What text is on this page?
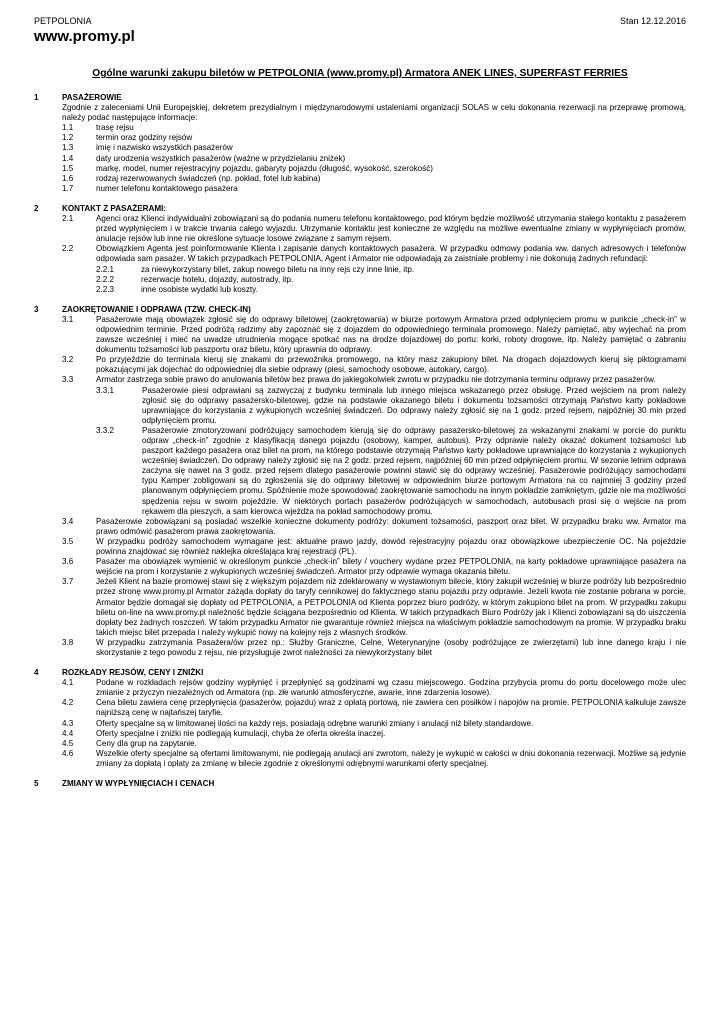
PETPOLONIA	Stan 12.12.2016
www.promy.pl
Ogólne warunki zakupu biletów w PETPOLONIA (www.promy.pl) Armatora ANEK LINES, SUPERFAST FERRIES
1	PASAŻEROWIE
Zgodnie z zaleceniami Unii Europejskiej, dekretem prezydialnym i międzynarodowymi ustaleniami organizacji SOLAS w celu dokonania rezerwacji na przeprawę promową, należy podać następujące informacje:
1.1	trasę rejsu
1.2	termin oraz godziny rejsów
1.3	imię i nazwisko wszystkich pasażerów
1.4	daty urodzenia wszystkich pasażerów (ważne w przydzielaniu zniżek)
1.5	markę, model, numer rejestracyjny pojazdu, gabaryty pojazdu (długość, wysokość, szerokość)
1.6	rodzaj rezerwowanych świadczeń (np. pokład, fotel lub kabina)
1.7	numer telefonu kontaktowego pasażera
2	KONTAKT Z PASAŻERAMI:
2.1	Agenci oraz Klienci indywidualni zobowiązani są do podania numeru telefonu kontaktowego, pod którym będzie możliwość utrzymania stałego kontaktu z pasażerem przed wypłynięciem i w trakcie trwania całego wyjazdu. Utrzymanie kontaktu jest konieczne ze względu na możliwe ewentualne zmiany w wypłynięciach promów, anulacje rejsów lub inne nie określone sytuacje losowe związane z samym rejsem.
2.2	Obowiązkiem Agenta jest poinformowanie Klienta i zapisanie danych kontaktowych pasażera. W przypadku odmowy podania ww. danych adresowych i telefonów odpowiada sam pasażer. W takich przypadkach PETPOLONIA, Agent i Armator nie odpowiadają za zaistniałe problemy i nie dokonują żadnych refundacji:
2.2.1	za niewykorzystany bilet, zakup nowego biletu na inny rejs czy inne linie, itp.
2.2.2	rezerwacje hotelu, dojazdy, autostrady, itp.
2.2.3	inne osobiste wydatki lub koszty.
3	ZAOKRĘTOWANIE I ODPRAWA (TZW. CHECK-IN)
3.1	Pasażerowie mają obowiązek zgłosić się do odprawy biletowej (zaokrętowania) w biurze portowym Armatora przed odpłynięciem promu w punkcie „check-in” w odpowiednim terminie. Przed podróżą radzimy aby zapoznać się z dojazdem do odpowiedniego terminala promowego. Należy pamiętać, aby wyjechać na prom zawsze wcześniej i mieć na uwadze utrudnienia mogące spotkać nas na drodze dojazdowej do portu: korki, roboty drogowe, itp. Należy pamiętać o zabraniu dokumentu tożsamości lub paszportu oraz biletu, który uprawnia do odprawy.
3.2	Po przyjeździe do terminala kieruj się znakami do przewoźnika promowego, na który masz zakupiony bilet. Na drogach dojazdowych kieruj się piktogramami pokazującymi jak dojechać do odpowiedniej dla siebie odprawy (piesi, samochody osobowe, autokary, cargo).
3.3	Armator zastrzega sobie prawo do anulowania biletów bez prawa do jakiegokolwiek zwrotu w przypadku nie dotrzymania terminu odprawy przez pasażerów.
3.3.1	Pasażerowie piesi odprawiani są zazwyczaj z budynku terminala lub innego miejsca wskazanego przez obsługę. Przed wejściem na prom należy zgłosić się do odprawy pasażersko-biletowej, gdzie na podstawie okazanego biletu i dokumentu tożsamości otrzymają Państwo karty pokładowe uprawniające do korzystania z wykupionych wcześniej świadczeń. Do odprawy należy zgłosić się na 1 godz. przed rejsem, najpóźniej 30 min przed odpłynięciem promu.
3.3.2	Pasażerowie zmotoryzowani podróżujący samochodem kierują się do odprawy pasażersko-biletowej za wskazanymi znakami w porcie do punktu odpraw „check-in” zgodnie z klasyfikacją danego pojazdu (osobowy, kamper, autobus). Przy odprawie należy okazać dokument tożsamości lub paszport każdego pasażera oraz bilet na prom, na którego podstawie otrzymają Państwo karty pokładowe uprawniające do korzystania z wykupionych wcześniej świadczeń. Do odprawy należy zgłosić się na 2 godz. przed rejsem, najpóźniej 60 min przed odpłynięciem promu. W sezonie letnim odprawa zaczyna się nawet na 3 godz. przed rejsem dlatego pasażerowie powinni stawić się do odprawy wcześniej. Pasażerowie podróżujący samochodami typu Kamper zobligowani są do zgłoszenia się do odprawy biletowej w odpowiednim biurze portowym Armatora na co najmniej 3 godziny przed planowanym odpłynięciem promu. Spóźnienie może spowodować zaokrętowanie samochodu na innym pokładzie zamkniętym, gdzie nie ma możliwości spędzenia rejsu w swoim pojeździe. W niektórych portach pasażerów podróżujących w samochodach, autobusach prosi się o wejście na prom rękawem dla pieszych, a sam kierowca wjeżdża na pokład samochodowy promu.
3.4	Pasażerowie zobowiązani są posiadać wszelkie konieczne dokumenty podróży: dokument tożsamości, paszport oraz bilet. W przypadku braku ww. Armator ma prawo odmówić pasażerom prawa zaokrętowania.
3.5	W przypadku podróży samochodem wymagane jest: aktualne prawo jazdy, dowód rejestracyjny pojazdu oraz obowiązkowe ubezpieczenie OC. Na pojeździe powinna znajdować się również naklejka określająca kraj rejestracji (PL).
3.6	Pasażer ma obowiązek wymienić w określonym punkcie „check-in” bilety / vouchery wydane przez PETPOLONIA, na karty pokładowe uprawniające pasażera na wejście na prom i korzystanie z wykupionych wcześniej świadczeń. Armator przy odprawie wymaga okazania biletu.
3.7	Jeżeli Klient na bazie promowej stawi się z większym pojazdem niż zdeklarowany w wystawionym bilecie, który zakupił wcześniej w biurze podróży lub bezpośrednio przez stronę www.promy.pl Armator zażąda dopłaty do taryfy cennikowej do faktycznego stanu pojazdu przy odprawie. Jeżeli kwota nie zostanie pobrana w porcie, Armator będzie domagał się dopłaty od PETPOLONIA, a PETPOLONIA od Klienta poprzez biuro podróży, w którym zakupiono bilet na prom. W przypadku zakupu biletu on-line na www.promy.pl należność będzie ściągana bezpośrednio od Klienta. W takich przypadkach Biuro Podróży jak i Klienci zobowiązani są do uiszczenia dopłaty bez żadnych roszczeń. W takim przypadku Armator nie gwarantuje również miejsca na właściwym pokładzie samochodowym na promie. W przypadku braku takich miejsc bilet przepada i należy wykupić nowy na kolejny rejs z własnych środków.
3.8	W przypadku zatrzymania Pasażera/ów przez np.: Służby Graniczne, Celne, Weterynaryjne (osoby podróżujące ze zwierzętami) lub inne danego kraju i nie skorzystanie z tego powodu z rejsu, nie przysługuje zwrot należności za niewykorzystany bilet
4	ROZKŁADY REJSÓW, CENY I ZNIŻKI
4.1	Podane w rozkładach rejsów godziny wypłynięć i przepłynięć są godzinami wg czasu miejscowego. Godzina przybycia promu do portu docelowego może ulec zmianie z przyczyn niezależnych od Armatora (np. złe warunki atmosferyczne, awarie, inne zdarzenia losowe).
4.2	Cena biletu zawiera cenę przepłynięcia (pasażerów, pojazdu) wraz z opłatą portową, nie zawiera cen posiłków i napojów na promie. PETPOLONIA kalkuluje zawsze najniższą cenę w najtańszej taryfie.
4.3	Oferty specjalne są w limitowanej ilości na każdy rejs, posiadają odrębne warunki zmiany i anulacji niż bilety standardowe.
4.4	Oferty specjalne i zniżki nie podlegają kumulacji, chyba że oferta określa inaczej.
4.5	Ceny dla grup na zapytanie.
4.6	Wszelkie oferty specjalne są ofertami limitowanymi, nie podlegają anulacji ani zwrotom, należy je wykupić w całości w dniu dokonania rezerwacji. Możliwe są jedynie zmiany za dopłatą i opłaty za zmianę w bilecie zgodnie z określonymi odrębnymi warunkami oferty specjalnej.
5	ZMIANY W WYPŁYNIĘCIACH I CENACH
